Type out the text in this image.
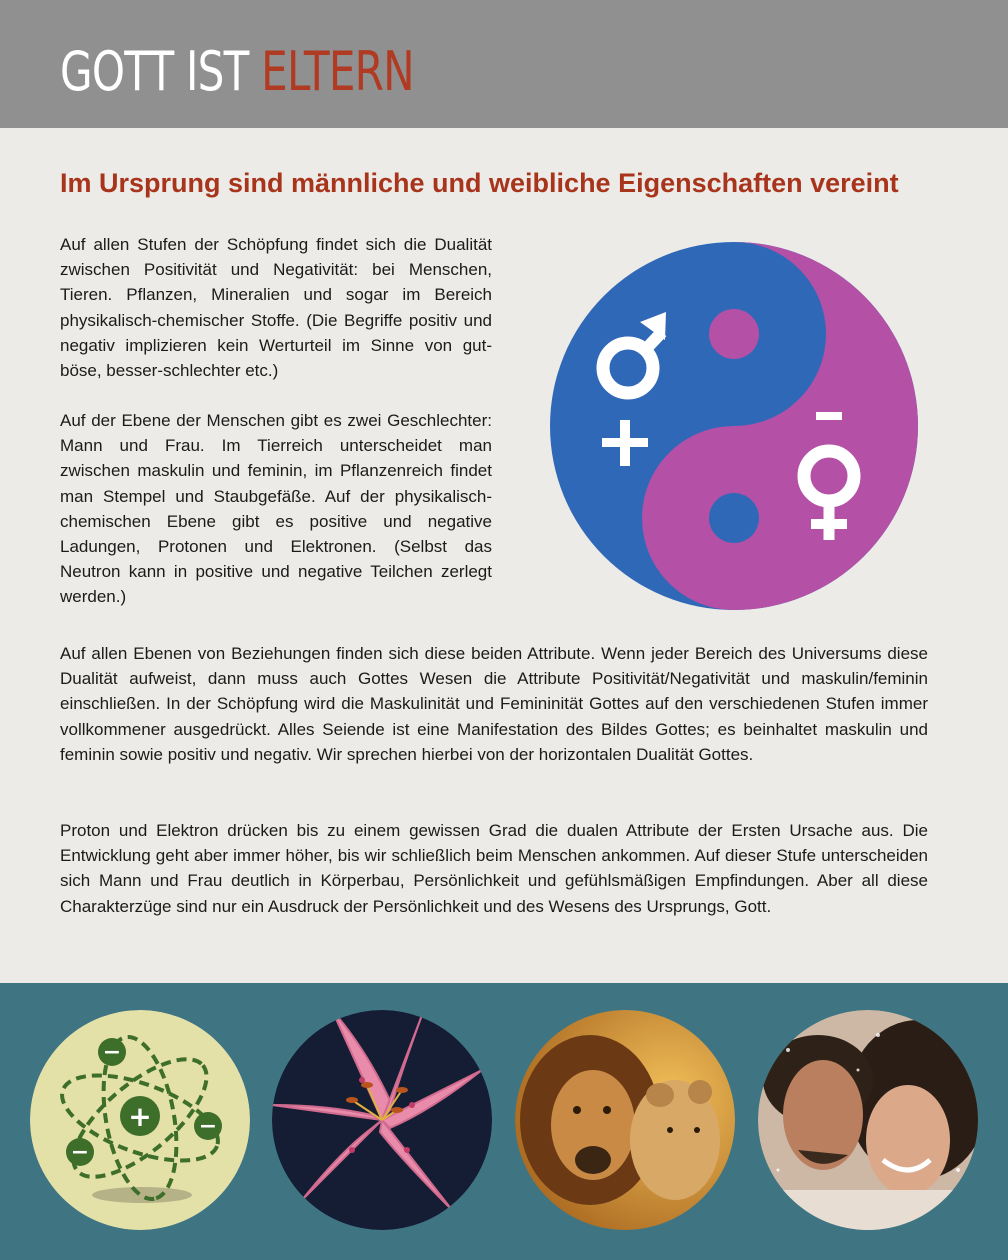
GOTT IST ELTERN
Im Ursprung sind männliche und weibliche Eigenschaften vereint

Auf allen Stufen der Schöpfung findet sich die Dualität zwischen Positivität und Negativität: bei Menschen, Tieren. Pflanzen, Mineralien und sogar im Bereich physikalisch-chemischer Stoffe. (Die Begriffe positiv und negativ implizieren kein Werturteil im Sinne von gut-böse, besser-schlechter etc.)

Auf der Ebene der Menschen gibt es zwei Geschlechter: Mann und Frau. Im Tierreich unterscheidet man zwischen maskulin und feminin, im Pflanzenreich findet man Stempel und Staubgefäße. Auf der physikalisch-chemischen Ebene gibt es positive und negative Ladungen, Protonen und Elektronen. (Selbst das Neutron kann in positive und negative Teilchen zerlegt werden.)

Auf allen Ebenen von Beziehungen finden sich diese beiden Attribute. Wenn jeder Bereich des Universums diese Dualität aufweist, dann muss auch Gottes Wesen die Attribute Positivität/Negativität und maskulin/feminin einschließen. In der Schöpfung wird die Maskulinität und Femininität Gottes auf den verschiedenen Stufen immer vollkommener ausgedrückt. Alles Seiende ist eine Manifestation des Bildes Gottes; es beinhaltet maskulin und feminin sowie positiv und negativ. Wir sprechen hierbei von der horizontalen Dualität Gottes.

Proton und Elektron drücken bis zu einem gewissen Grad die dualen Attribute der Ersten Ursache aus. Die Entwicklung geht aber immer höher, bis wir schließlich beim Menschen ankommen. Auf dieser Stufe unterscheiden sich Mann und Frau deutlich in Körperbau, Persönlichkeit und gefühlsmäßigen Empfindungen. Aber all diese Charakterzüge sind nur ein Ausdruck der Persönlichkeit und des Wesens des Ursprungs, Gott.

+
−
−
−
